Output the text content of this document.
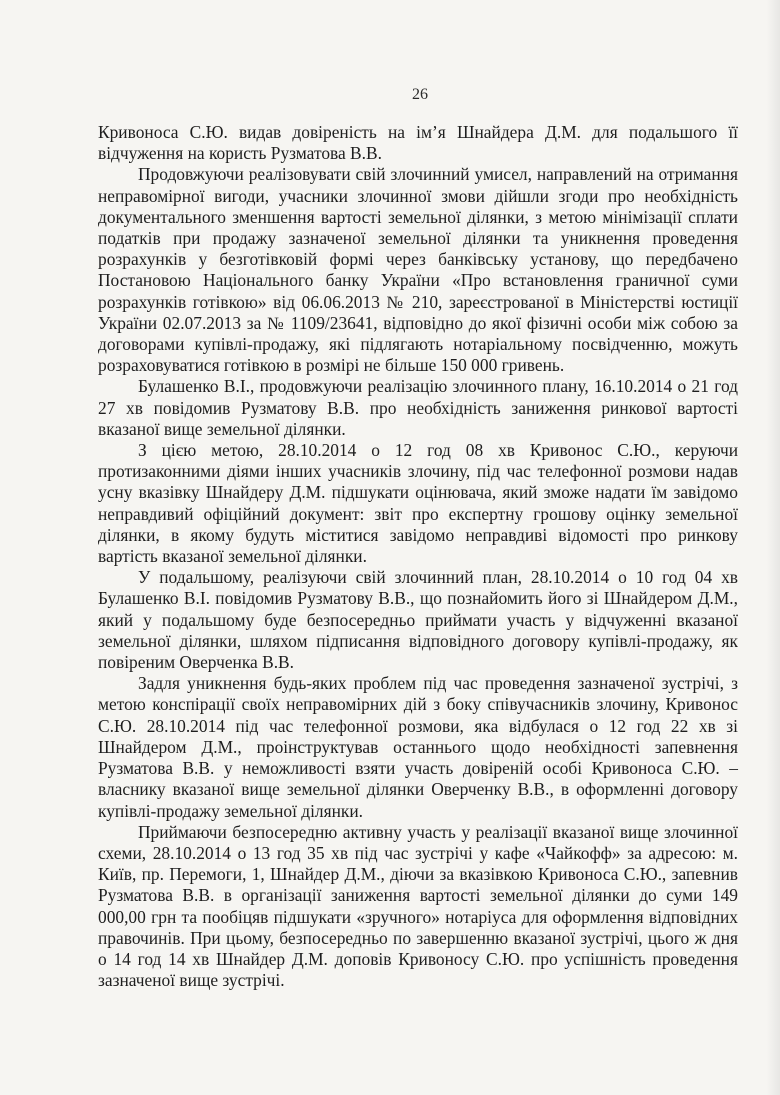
26

Кривоноса С.Ю. видав довіреність на ім’я Шнайдера Д.М. для подальшого її відчуження на користь Рузматова В.В.

Продовжуючи реалізовувати свій злочинний умисел, направлений на отримання неправомірної вигоди, учасники злочинної змови дійшли згоди про необхідність документального зменшення вартості земельної ділянки, з метою мінімізації сплати податків при продажу зазначеної земельної ділянки та уникнення проведення розрахунків у безготівковій формі через банківську установу, що передбачено Постановою Національного банку України «Про встановлення граничної суми розрахунків готівкою» від 06.06.2013 № 210, зареєстрованої в Міністерстві юстиції України 02.07.2013 за № 1109/23641, відповідно до якої фізичні особи між собою за договорами купівлі-продажу, які підлягають нотаріальному посвідченню, можуть розраховуватися готівкою в розмірі не більше 150 000 гривень.

Булашенко В.І., продовжуючи реалізацію злочинного плану, 16.10.2014 о 21 год 27 хв повідомив Рузматову В.В. про необхідність заниження ринкової вартості вказаної вище земельної ділянки.

З цією метою, 28.10.2014 о 12 год 08 хв Кривонос С.Ю., керуючи протизаконними діями інших учасників злочину, під час телефонної розмови надав усну вказівку Шнайдеру Д.М. підшукати оцінювача, який зможе надати їм завідомо неправдивий офіційний документ: звіт про експертну грошову оцінку земельної ділянки, в якому будуть міститися завідомо неправдиві відомості про ринкову вартість вказаної земельної ділянки.

У подальшому, реалізуючи свій злочинний план, 28.10.2014 о 10 год 04 хв Булашенко В.І. повідомив Рузматову В.В., що познайомить його зі Шнайдером Д.М., який у подальшому буде безпосередньо приймати участь у відчуженні вказаної земельної ділянки, шляхом підписання відповідного договору купівлі-продажу, як повіреним Оверченка В.В.

Задля уникнення будь-яких проблем під час проведення зазначеної зустрічі, з метою конспірації своїх неправомірних дій з боку співучасників злочину, Кривонос С.Ю. 28.10.2014 під час телефонної розмови, яка відбулася о 12 год 22 хв зі Шнайдером Д.М., проінструктував останнього щодо необхідності запевнення Рузматова В.В. у неможливості взяти участь довіреній особі Кривоноса С.Ю. – власнику вказаної вище земельної ділянки Оверченку В.В., в оформленні договору купівлі-продажу земельної ділянки.

Приймаючи безпосередню активну участь у реалізації вказаної вище злочинної схеми, 28.10.2014 о 13 год 35 хв під час зустрічі у кафе «Чайкофф» за адресою: м. Київ, пр. Перемоги, 1, Шнайдер Д.М., діючи за вказівкою Кривоноса С.Ю., запевнив Рузматова В.В. в організації заниження вартості земельної ділянки до суми 149 000,00 грн та пообіцяв підшукати «зручного» нотаріуса для оформлення відповідних правочинів. При цьому, безпосередньо по завершенню вказаної зустрічі, цього ж дня о 14 год 14 хв Шнайдер Д.М. доповів Кривоносу С.Ю. про успішність проведення зазначеної вище зустрічі.
